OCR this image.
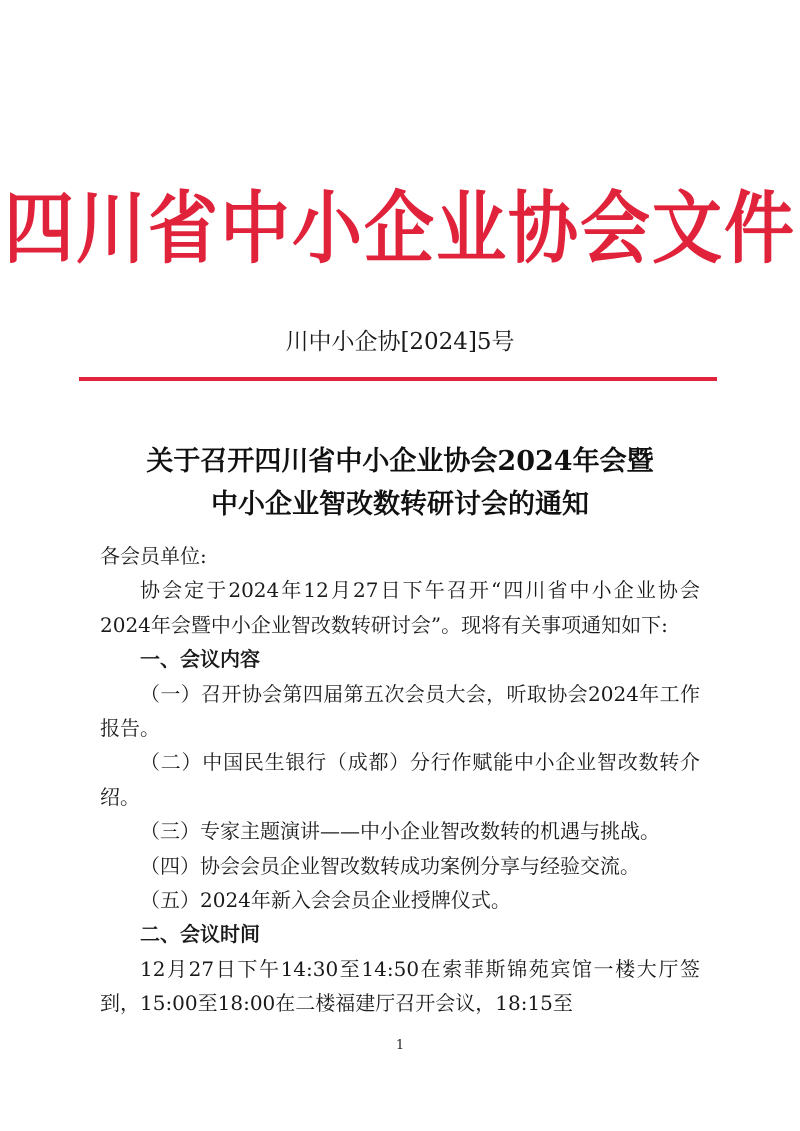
四川省中小企业协会文件
川中小企协[2024]5号
关于召开四川省中小企业协会2024年会暨
中小企业智改数转研讨会的通知

各会员单位:

协会定于2024年12月27日下午召开“四川省中小企业协会2024年会暨中小企业智改数转研讨会”。现将有关事项通知如下:

一、会议内容

（一）召开协会第四届第五次会员大会，听取协会2024年工作报告。

（二）中国民生银行（成都）分行作赋能中小企业智改数转介绍。

（三）专家主题演讲——中小企业智改数转的机遇与挑战。

（四）协会会员企业智改数转成功案例分享与经验交流。

（五）2024年新入会会员企业授牌仪式。

二、会议时间

12月27日下午14:30至14:50在索菲斯锦苑宾馆一楼大厅签到，15:00至18:00在二楼福建厅召开会议，18:15至

1
